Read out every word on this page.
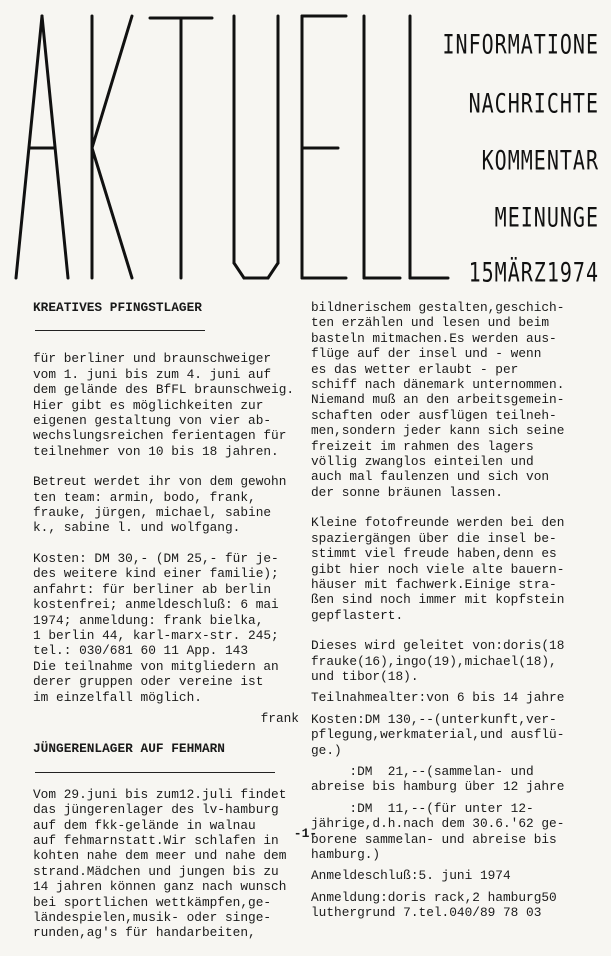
INFORMATIONE
NACHRICHTE
KOMMENTAR
MEINUNGE
15MÄRZ1974

KREATIVES PFINGSTLAGER

für berliner und braunschweiger
vom 1. juni bis zum 4. juni auf
dem gelände des BfFL braunschweig.
Hier gibt es möglichkeiten zur
eigenen gestaltung von vier ab-
wechslungsreichen ferientagen für
teilnehmer von 10 bis 18 jahren.

Betreut werdet ihr von dem gewohn
ten team: armin, bodo, frank,
frauke, jürgen, michael, sabine
k., sabine l. und wolfgang.

Kosten: DM 30,- (DM 25,- für je-
des weitere kind einer familie);
anfahrt: für berliner ab berlin
kostenfrei; anmeldeschluß: 6 mai
1974; anmeldung: frank bielka,
1 berlin 44, karl-marx-str. 245;
tel.: 030/681 60 11 App. 143
Die teilnahme von mitgliedern an
derer gruppen oder vereine ist
im einzelfall möglich.

frank

JÜNGERENLAGER AUF FEHMARN

Vom 29.juni bis zum12.juli findet
das jüngerenlager des lv-hamburg
auf dem fkk-gelände in walnau
auf fehmarnstatt.Wir schlafen in
kohten nahe dem meer und nahe dem
strand.Mädchen und jungen bis zu
14 jahren können ganz nach wunsch
bei sportlichen wettkämpfen,ge-
ländespielen,musik- oder singe-
runden,ag's für handarbeiten,

bildnerischem gestalten,geschich-
ten erzählen und lesen und beim
basteln mitmachen.Es werden aus-
flüge auf der insel und - wenn
es das wetter erlaubt - per
schiff nach dänemark unternommen.
Niemand muß an den arbeitsgemein-
schaften oder ausflügen teilneh-
men,sondern jeder kann sich seine
freizeit im rahmen des lagers
völlig zwanglos einteilen und
auch mal faulenzen und sich von
der sonne bräunen lassen.

Kleine fotofreunde werden bei den
spaziergängen über die insel be-
stimmt viel freude haben,denn es
gibt hier noch viele alte bauern-
häuser mit fachwerk.Einige stra-
ßen sind noch immer mit kopfstein
gepflastert.

Dieses wird geleitet von:doris(18
frauke(16),ingo(19),michael(18),
und tibor(18).

Teilnahmealter:von 6 bis 14 jahre

Kosten:DM 130,--(unterkunft,ver-
pflegung,werkmaterial,und ausflü-
ge.)

:DM  21,--(sammelan- und
abreise bis hamburg über 12 jahre

:DM  11,--(für unter 12-
jährige,d.h.nach dem 30.6.'62 ge-
borene sammelan- und abreise bis
hamburg.)

Anmeldeschluß:5. juni 1974

Anmeldung:doris rack,2 hamburg50
luthergrund 7.tel.040/89 78 03

-1-
